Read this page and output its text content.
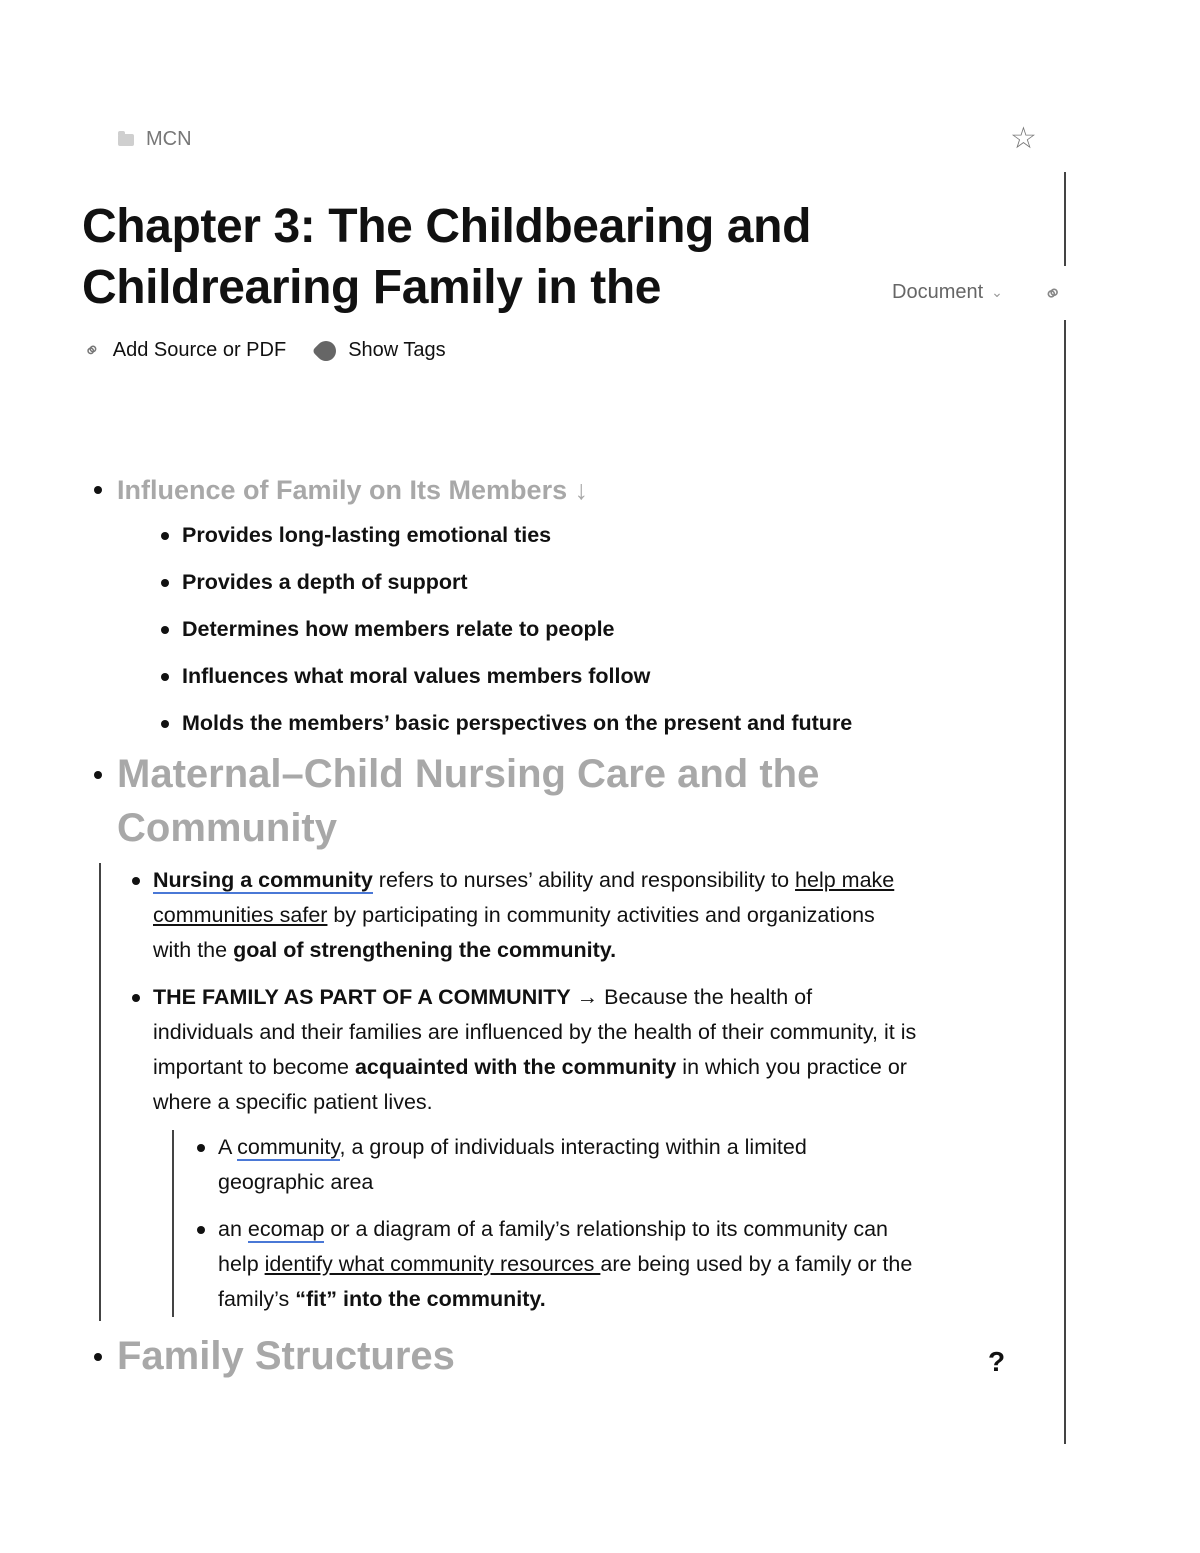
MCN	☆
Chapter 3: The Childbearing and Childrearing Family in the	Document ⌄ ⚭
⚭ Add Source or PDF	Show Tags
Influence of Family on Its Members ↓
Provides long-lasting emotional ties
Provides a depth of support
Determines how members relate to people
Influences what moral values members follow
Molds the members’ basic perspectives on the present and future
Maternal–Child Nursing Care and the Community
Nursing a community refers to nurses’ ability and responsibility to help make communities safer by participating in community activities and organizations with the goal of strengthening the community.
THE FAMILY AS PART OF A COMMUNITY → Because the health of individuals and their families are influenced by the health of their community, it is important to become acquainted with the community in which you practice or where a specific patient lives.
A community, a group of individuals interacting within a limited geographic area
an ecomap or a diagram of a family’s relationship to its community can help identify what community resources are being used by a family or the family’s “fit” into the community.
Family Structures	?
